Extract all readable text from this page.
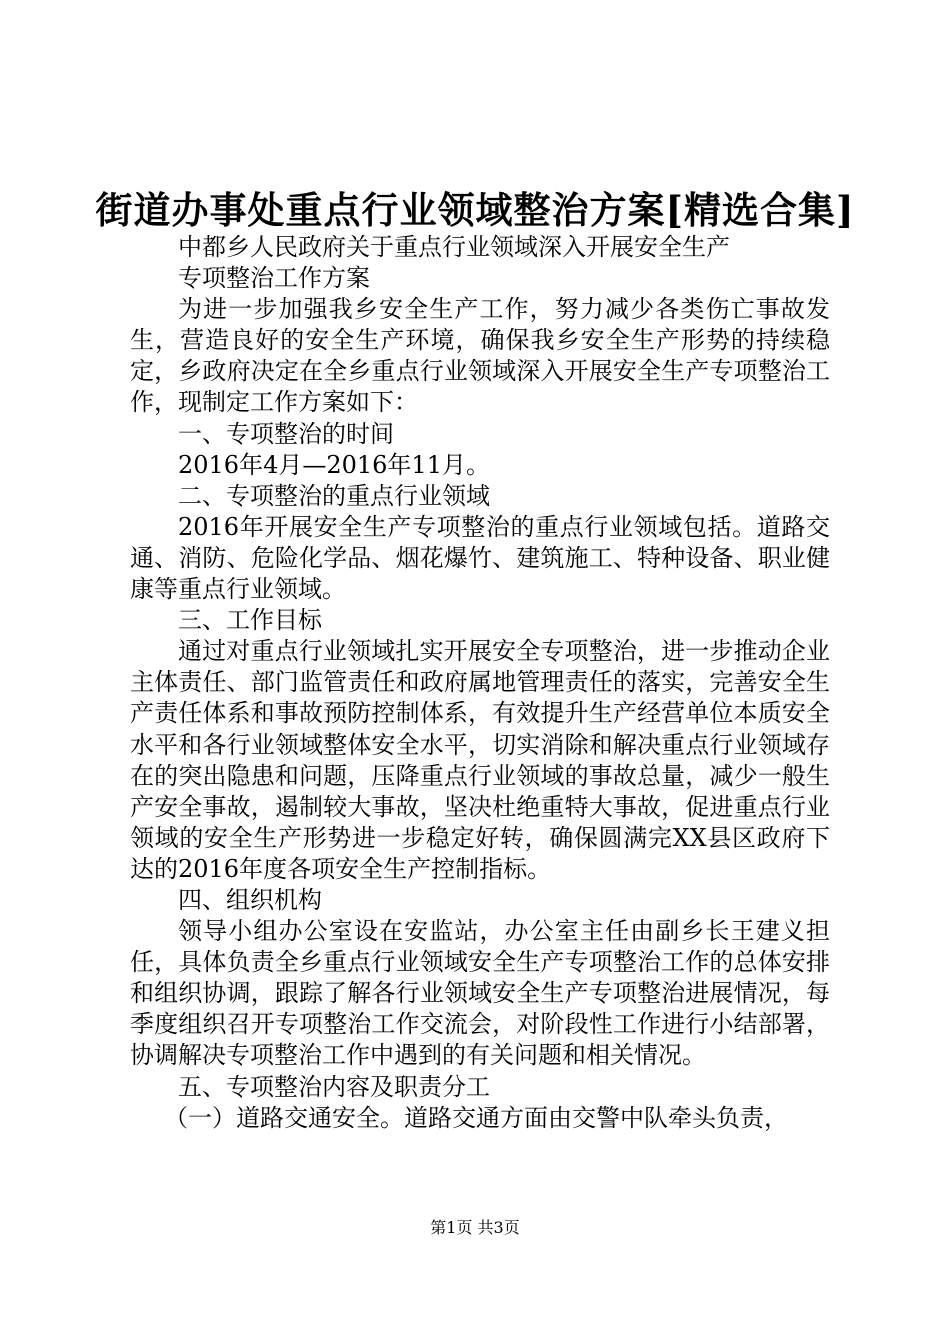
街道办事处重点行业领域整治方案[精选合集]

中都乡人民政府关于重点行业领域深入开展安全生产

专项整治工作方案

为进一步加强我乡安全生产工作，努力减少各类伤亡事故发生，营造良好的安全生产环境，确保我乡安全生产形势的持续稳定，乡政府决定在全乡重点行业领域深入开展安全生产专项整治工作，现制定工作方案如下：

一、专项整治的时间

2016年4月—2016年11月。

二、专项整治的重点行业领域

2016年开展安全生产专项整治的重点行业领域包括。道路交通、消防、危险化学品、烟花爆竹、建筑施工、特种设备、职业健康等重点行业领域。

三、工作目标

通过对重点行业领域扎实开展安全专项整治，进一步推动企业主体责任、部门监管责任和政府属地管理责任的落实，完善安全生产责任体系和事故预防控制体系，有效提升生产经营单位本质安全水平和各行业领域整体安全水平，切实消除和解决重点行业领域存在的突出隐患和问题，压降重点行业领域的事故总量，减少一般生产安全事故，遏制较大事故，坚决杜绝重特大事故，促进重点行业领域的安全生产形势进一步稳定好转，确保圆满完XX县区政府下达的2016年度各项安全生产控制指标。

四、组织机构

领导小组办公室设在安监站，办公室主任由副乡长王建义担任，具体负责全乡重点行业领域安全生产专项整治工作的总体安排和组织协调，跟踪了解各行业领域安全生产专项整治进展情况，每季度组织召开专项整治工作交流会，对阶段性工作进行小结部署，协调解决专项整治工作中遇到的有关问题和相关情况。

五、专项整治内容及职责分工

（一）道路交通安全。道路交通方面由交警中队牵头负责，

第1页 共3页
